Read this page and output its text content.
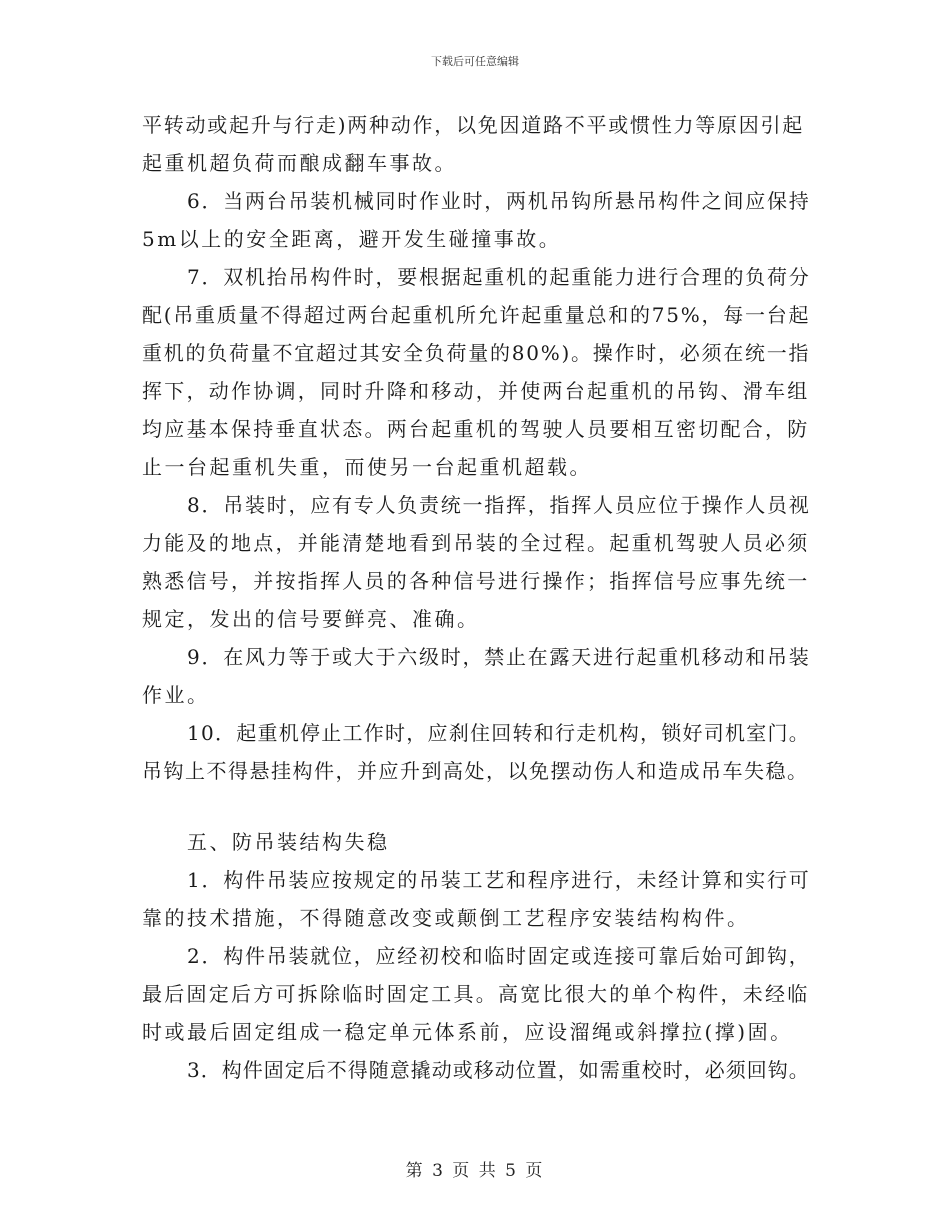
下载后可任意编辑
平转动或起升与行走)两种动作，以免因道路不平或惯性力等原因引起
起重机超负荷而酿成翻车事故。
6．当两台吊装机械同时作业时，两机吊钩所悬吊构件之间应保持
5m以上的安全距离，避开发生碰撞事故。
7．双机抬吊构件时，要根据起重机的起重能力进行合理的负荷分
配(吊重质量不得超过两台起重机所允许起重量总和的75%，每一台起
重机的负荷量不宜超过其安全负荷量的80%)。操作时，必须在统一指
挥下，动作协调，同时升降和移动，并使两台起重机的吊钩、滑车组
均应基本保持垂直状态。两台起重机的驾驶人员要相互密切配合，防
止一台起重机失重，而使另一台起重机超载。
8．吊装时，应有专人负责统一指挥，指挥人员应位于操作人员视
力能及的地点，并能清楚地看到吊装的全过程。起重机驾驶人员必须
熟悉信号，并按指挥人员的各种信号进行操作；指挥信号应事先统一
规定，发出的信号要鲜亮、准确。
9．在风力等于或大于六级时，禁止在露天进行起重机移动和吊装
作业。
10．起重机停止工作时，应刹住回转和行走机构，锁好司机室门。
吊钩上不得悬挂构件，并应升到高处，以免摆动伤人和造成吊车失稳。
五、防吊装结构失稳
1．构件吊装应按规定的吊装工艺和程序进行，未经计算和实行可
靠的技术措施，不得随意改变或颠倒工艺程序安装结构构件。
2．构件吊装就位，应经初校和临时固定或连接可靠后始可卸钩，
最后固定后方可拆除临时固定工具。高宽比很大的单个构件，未经临
时或最后固定组成一稳定单元体系前，应设溜绳或斜撑拉(撑)固。
3．构件固定后不得随意撬动或移动位置，如需重校时，必须回钩。
第 3 页 共 5 页
